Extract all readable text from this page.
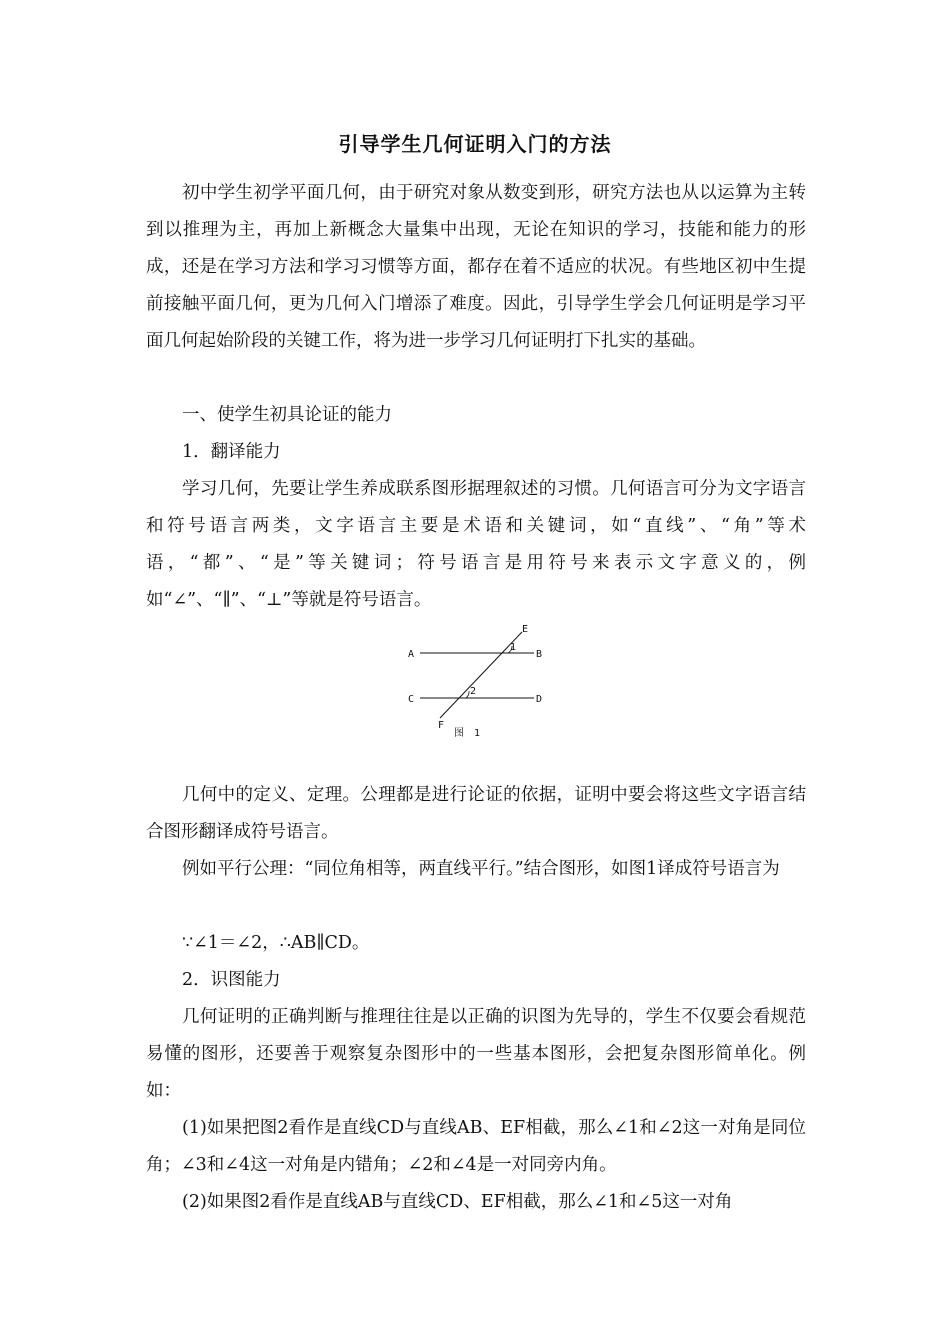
引导学生几何证明入门的方法

初中学生初学平面几何，由于研究对象从数变到形，研究方法也从以运算为主转到以推理为主，再加上新概念大量集中出现，无论在知识的学习，技能和能力的形成，还是在学习方法和学习习惯等方面，都存在着不适应的状况。有些地区初中生提前接触平面几何，更为几何入门增添了难度。因此，引导学生学会几何证明是学习平面几何起始阶段的关键工作，将为进一步学习几何证明打下扎实的基础。

一、使学生初具论证的能力

1．翻译能力

学习几何，先要让学生养成联系图形据理叙述的习惯。几何语言可分为文字语言和符号语言两类，文字语言主要是术语和关键词，如“直线”、“角”等术语，“都”、“是”等关键词；符号语言是用符号来表示文字意义的，例如“∠”、“∥”、“⊥”等就是符号语言。

A	B
C	D
E
F
1
2
图　1

几何中的定义、定理。公理都是进行论证的依据，证明中要会将这些文字语言结合图形翻译成符号语言。

例如平行公理：“同位角相等，两直线平行。”结合图形，如图1译成符号语言为

∵∠1＝∠2，∴AB∥CD。

2．识图能力

几何证明的正确判断与推理往往是以正确的识图为先导的，学生不仅要会看规范易懂的图形，还要善于观察复杂图形中的一些基本图形，会把复杂图形简单化。例如：

(1)如果把图2看作是直线CD与直线AB、EF相截，那么∠1和∠2这一对角是同位角；∠3和∠4这一对角是内错角；∠2和∠4是一对同旁内角。

(2)如果图2看作是直线AB与直线CD、EF相截，那么∠1和∠5这一对角
